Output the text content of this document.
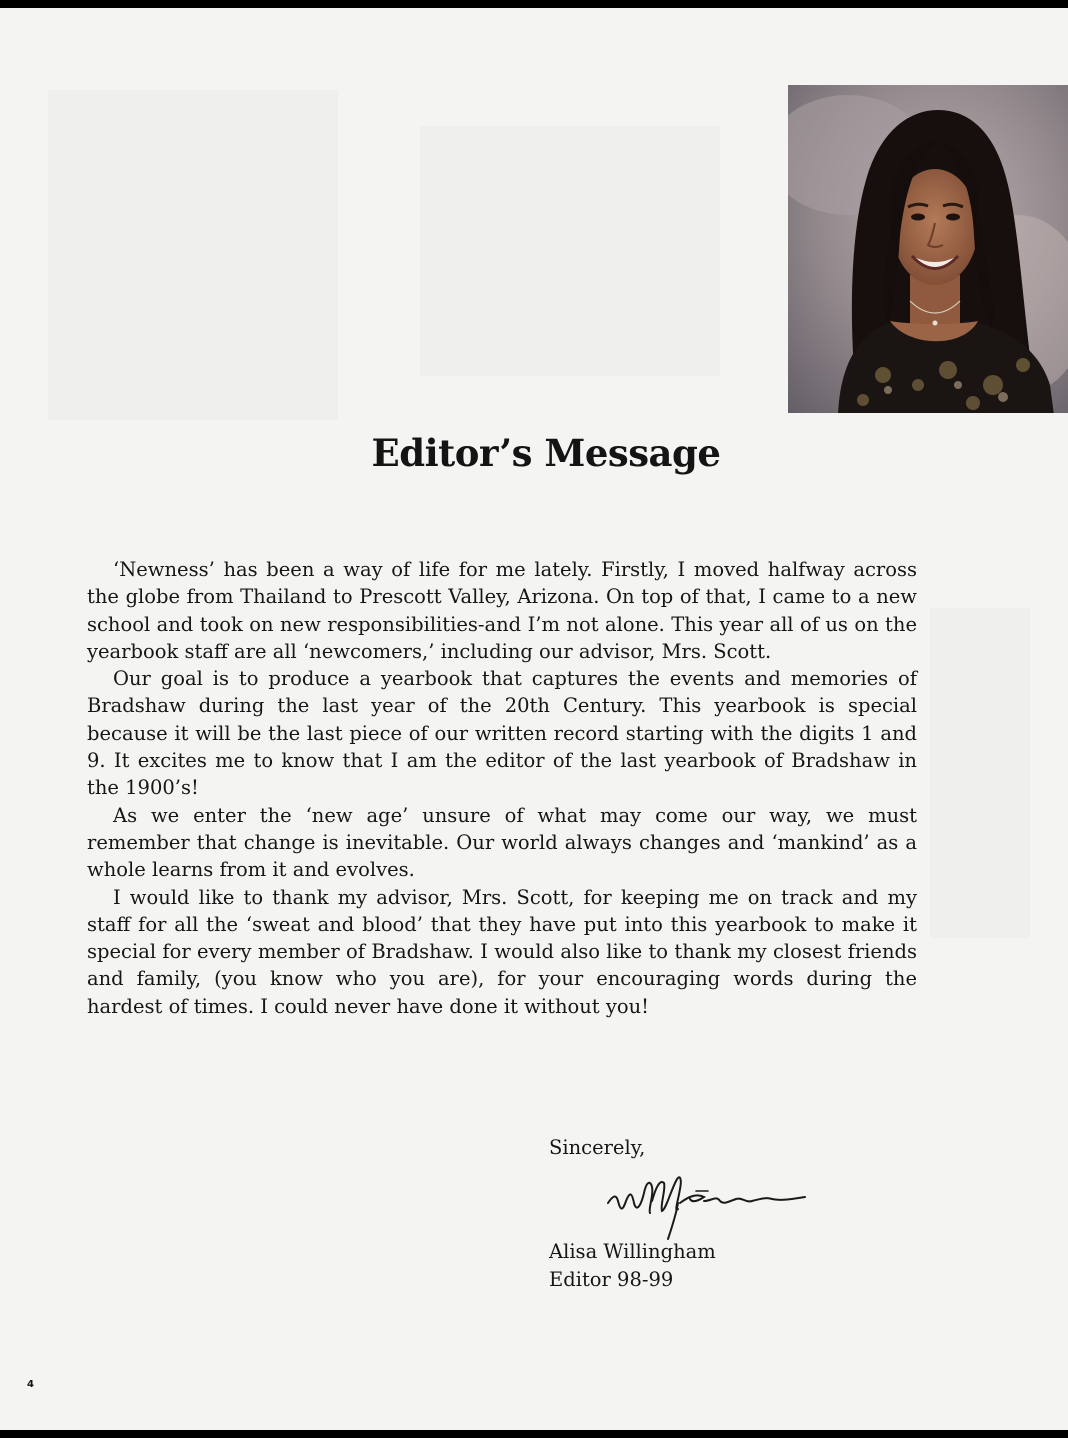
Editor’s Message

‘Newness’ has been a way of life for me lately. Firstly, I moved halfway across the globe from Thailand to Prescott Valley, Arizona. On top of that, I came to a new school and took on new responsibilities-and I’m not alone. This year all of us on the yearbook staff are all ‘newcomers,’ including our advisor, Mrs. Scott.

Our goal is to produce a yearbook that captures the events and memories of Bradshaw during the last year of the 20th Century. This yearbook is special because it will be the last piece of our written record starting with the digits 1 and 9. It excites me to know that I am the editor of the last yearbook of Bradshaw in the 1900’s!

As we enter the ‘new age’ unsure of what may come our way, we must remember that change is inevitable. Our world always changes and ‘mankind’ as a whole learns from it and evolves.

I would like to thank my advisor, Mrs. Scott, for keeping me on track and my staff for all the ‘sweat and blood’ that they have put into this yearbook to make it special for every member of Bradshaw. I would also like to thank my closest friends and family, (you know who you are), for your encouraging words during the hardest of times. I could never have done it without you!

Sincerely,
Alisa Willingham
Editor 98-99
4
